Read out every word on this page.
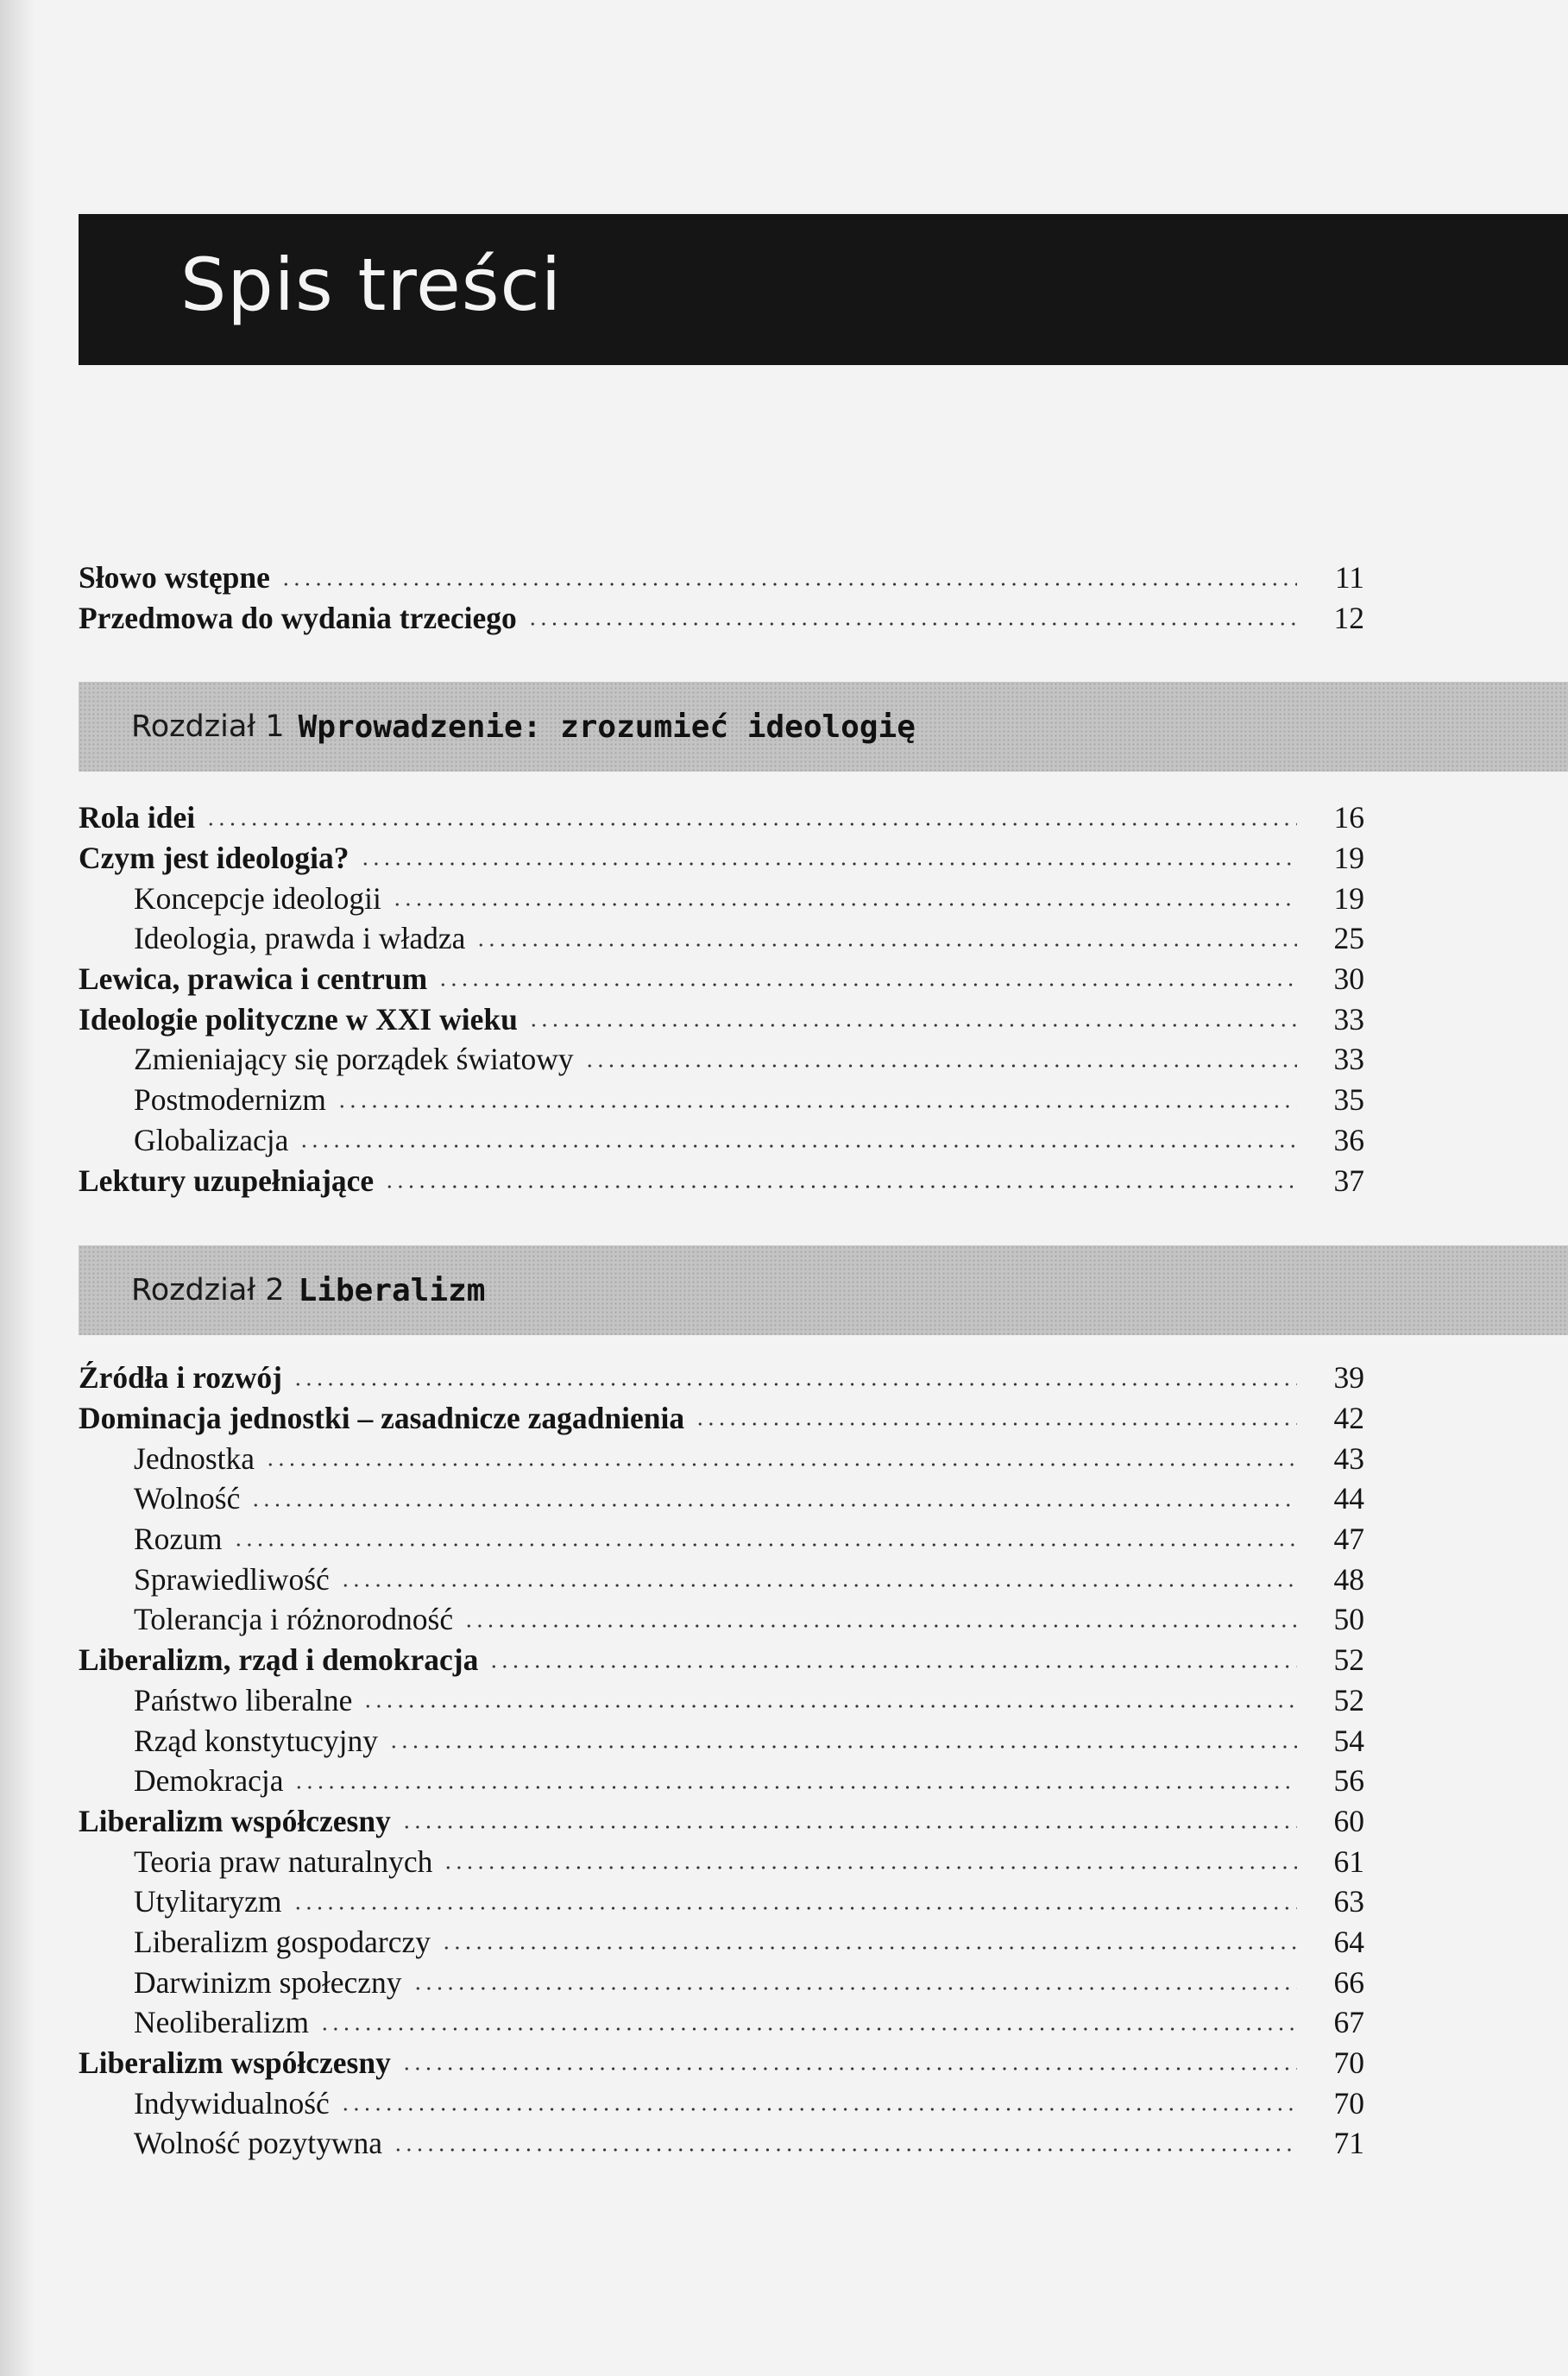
Spis treści
Słowo wstępne	11
Przedmowa do wydania trzeciego	12
Rozdział 1 Wprowadzenie: zrozumieć ideologię
Rola idei	16
Czym jest ideologia?	19
Koncepcje ideologii	19
Ideologia, prawda i władza	25
Lewica, prawica i centrum	30
Ideologie polityczne w XXI wieku	33
Zmieniający się porządek światowy	33
Postmodernizm	35
Globalizacja	36
Lektury uzupełniające	37
Rozdział 2 Liberalizm
Źródła i rozwój	39
Dominacja jednostki – zasadnicze zagadnienia	42
Jednostka	43
Wolność	44
Rozum	47
Sprawiedliwość	48
Tolerancja i różnorodność	50
Liberalizm, rząd i demokracja	52
Państwo liberalne	52
Rząd konstytucyjny	54
Demokracja	56
Liberalizm współczesny	60
Teoria praw naturalnych	61
Utylitaryzm	63
Liberalizm gospodarczy	64
Darwinizm społeczny	66
Neoliberalizm	67
Liberalizm współczesny	70
Indywidualność	70
Wolność pozytywna	71
